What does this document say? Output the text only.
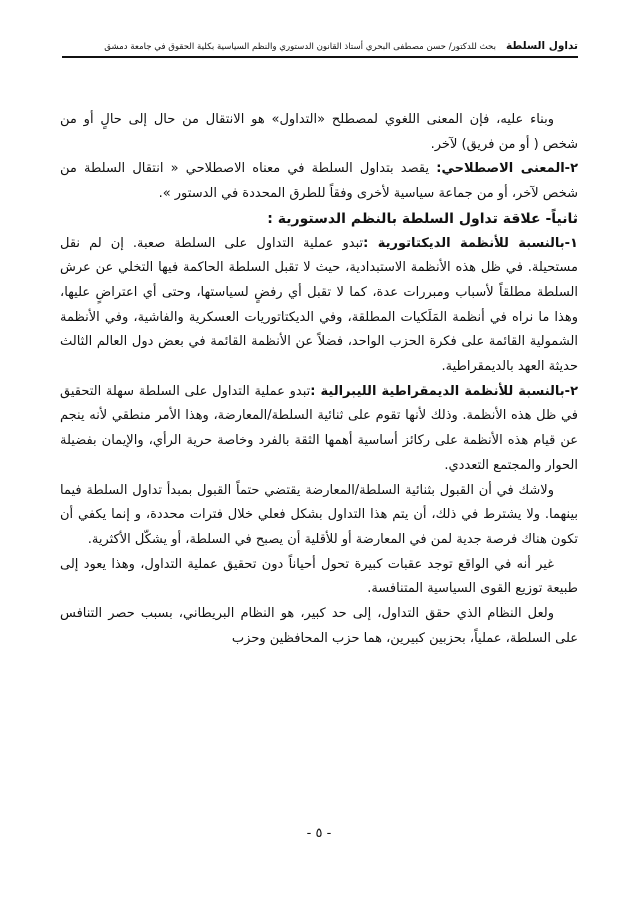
تداول السلطة
بحث للدكتور/ حسن مصطفى البحري أستاذ القانون الدستوري والنظم السياسية بكلية الحقوق في جامعة دمشق

وبناء عليه، فإن المعنى اللغوي لمصطلح «التداول» هو الانتقال من حال إلى حالٍ أو من شخص ( أو من فريق) لآخر.

٢-المعنى الاصطلاحي: يقصد بتداول السلطة في معناه الاصطلاحي « انتقال السلطة من شخص لآخر، أو من جماعة سياسية لأخرى وفقاً للطرق المحددة في الدستور ».

ثانياً- علاقة تداول السلطة بالنظم الدستورية :

١-بالنسبة للأنظمة الديكتاتورية :تبدو عملية التداول على السلطة صعبة. إن لم نقل مستحيلة. في ظل هذه الأنظمة الاستبدادية، حيث لا تقبل السلطة الحاكمة فيها التخلي عن عرش السلطة مطلقاً لأسباب ومبررات عدة، كما لا تقبل أي رفضٍ لسياستها، وحتى أي اعتراضٍ عليها، وهذا ما نراه في أنظمة المَلَكيات المطلقة، وفي الديكتاتوريات العسكرية والفاشية، وفي الأنظمة الشمولية القائمة على فكرة الحزب الواحد، فضلاً عن الأنظمة القائمة في بعض دول العالم الثالث حديثة العهد بالديمقراطية.

٢-بالنسبة للأنظمة الديمقراطية الليبرالية :تبدو عملية التداول على السلطة سهلة التحقيق في ظل هذه الأنظمة. وذلك لأنها تقوم على ثنائية السلطة/المعارضة، وهذا الأمر منطقي لأنه ينجم عن قيام هذه الأنظمة على ركائز أساسية أهمها الثقة بالفرد وخاصة حرية الرأي، والإيمان بفضيلة الحوار والمجتمع التعددي.

ولاشك في أن القبول بثنائية السلطة/المعارضة يقتضي حتماً القبول بمبدأ تداول السلطة فيما بينهما. ولا يشترط في ذلك، أن يتم هذا التداول بشكل فعلي خلال فترات محددة، و إنما يكفي أن تكون هناك فرصة جدية لمن في المعارضة أو للأقلية أن يصبح في السلطة، أو يشكّل الأكثرية.

غير أنه في الواقع توجد عقبات كبيرة تحول أحياناً دون تحقيق عملية التداول، وهذا يعود إلى طبيعة توزيع القوى السياسية المتنافسة.

ولعل النظام الذي حقق التداول، إلى حد كبير، هو النظام البريطاني، بسبب حصر التنافس على السلطة، عملياً، بحزبين كبيرين، هما حزب المحافظين وحزب

- ٥ -
